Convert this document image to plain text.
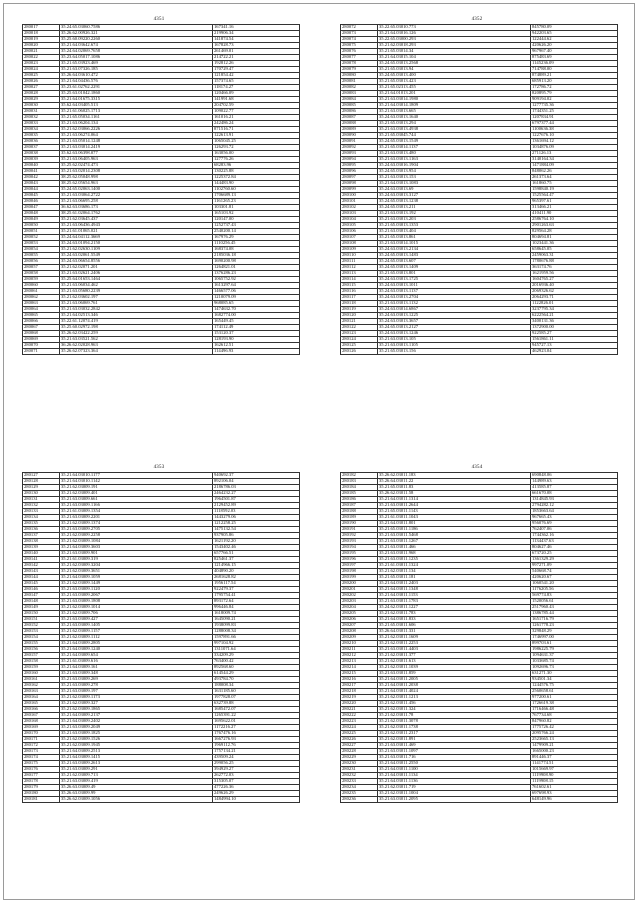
4351
280017	35.24.65.03060.7586	167341.16
280018	35.26.62.00926.321	219906.34
280019	35.25.60.09220.2260	141874.54
280020	35.21.64.03642.674	167828.73
280021	35.24.64.02069.7658	261469.01
280022	35.23.64.05017.1086	214722.21
280023	35.21.65.03923.469	192812.26
280024	35.21.63.07326.185	170729.47
280025	35.26.64.03610.472	121854.42
280026	35.21.64.04436.576	157374.65
280027	35.23.61.02762.2291	118174.27
280028	35.25.63.01042.1860	120466.09
280029	35.21.64.01675.3315	141991.68
280030	35.62.64.03405.513	204702.59
280031	35.21.61.06025.1713	109022.77
280032	35.21.65.05034.1161	161016.21
280033	35.21.63.06204.134	242486.24
280034	35.21.62.03066.2226	871516.71
280035	35.21.63.06274.064	122613.91
280036	35.21.63.05014.1248	1065045.25
280037	35.21.63.03014.2419	126293.72
280038	35.62.63.06398.077	163056.00
280039	35.21.63.06405.963	127776.26
280040	35.25.62.02474.473	68283.96
280041	35.21.63.02014.2308	130225.88
280042	38.25.62.05048.998	1225372.84
280043	38.25.62.05654.963	144483.90
280044	35.24.65.02063.1400	1102760.60
280045	35.21.63.03064.2722	1706689.13
280046	35.21.63.06695.258	1161265.23
280047	36.62.63.03686.173	103301.81
280048	38.25.61.02064.1762	165103.92
280049	35.21.62.03645.437	120147.00
280050	35.21.63.06436.4943	1252737.43
280051	35.21.61.01065.021	2540200.14
280052	35.24.64.04112.3669	167976.29
280053	35.24.63.01094.2150	1110256.45
280054	35.21.62.02630.1109	168374.08
280055	35.24.63.02061.5549	2185036.18
280056	35.24.63.06654.8556	1690200.98
280057	35.21.62.02071.201	1264821.01
280058	35.21.63.02621.2406	1376286.23
280059	35.25.64.01653.1464	1065752.92
280060	35.21.63.06034.462	1613297.64
280061	35.21.63.05680.2239	1466577.06
280062	35.21.62.03602.197	1210079.09
280063	35.21.63.06069.761	968085.65
280064	35.21.63.03032.2842	1474632.70
280065	35.21.64.02513.346	1682774.00
280066	35.22.61.12074.419	165449.45
280067	35.25.60.02972.198	174112.49
280068	35.26.62.03422.259	153120.37
280069	35.21.63.03521.562	128193.90
280070	36.26.62.02028.963	162612.51
280071	35.26.62.07323.364	114496.93
4352
280072	35.22.65.03010.773	845780.09
280073	35.21.64.03016.126	942203.65
280074	35.22.65.03000.293	122444.62
280075	35.21.62.03018.293	420626.20
280076	35.21.65.03014.34	967967.40
280077	35.21.64.03015.104	875483.69
280078	35.24.65.03013.2568	1145236.09
280079	35.21.65.03013.94	714788.00
280080	35.24.65.03013.400	874889.21
280081	35.21.65.03013.423	685913.20
280082	35.21.65.02313.455	172786.72
280083	35.21.64.01013.201	820895.79
280084	35.21.63.03014.1980	909194.02
280085	35.21.64.03014.1809	1277735.36
280086	35.21.63.03013.665	1744351.25
280087	35.24.63.03013.1640	1207834.91
280088	35.21.65.03013.294	6797377.44
280089	35.21.63.03013.4938	1100636.38
280090	35.21.65.03045.744	1227676.10
280091	35.24.65.03013.1549	1361694.12
280092	35.21.65.03014.1137	1034876.09
280093	35.21.63.03013.480	271126.13
280094	35.21.63.03013.1163	3140164.34
280095	35.24.63.03016.1904	1471884.09
280096	35.24.65.03013.954	848062.26
280097	35.21.63.03013.153	261373.64
280098	35.21.64.03013.1083	161860.75
280099	35.24.63.03013.69	1598840.19
280100	35.24.63.03013.3127	1525564.47
280101	35.24.65.03013.1238	965397.61
280102	35.24.65.03013.211	313466.21
280103	35.21.63.03013.192	410411.90
280104	35.21.63.03013.203	2586764.10
280105	35.21.65.03013.1353	2901263.63
280106	35.21.63.03013.404	829564.28
280107	35.21.65.03013.861	804694.81
280108	35.21.63.03014.1015	1023441.36
280109	35.24.63.03013.2134	658645.05
280110	35.24.65.03013.1483	2459063.31
280111	35.24.65.03013.607	1780676.88
280112	35.24.65.03013.1409	363174.76
280113	35.21.65.03013.801	1621959.56
280114	35.24.63.03013.1725	1604765.27
280115	35.24.63.03013.1011	2016936.40
280116	35.24.63.03013.1137	2069326.62
280117	35.24.63.03013.2704	2064293.71
280118	35.21.63.03013.1132	1122826.01
280119	35.24.63.03014.6867	3237795.34
280120	35.24.63.03013.1225	6222564.21
280121	35.24.63.03013.3657	3400131.36
280122	35.24.65.03013.2127	1372900.00
280123	35.24.63.03013.1246	922585.27
280124	35.21.63.03013.105	1561861.11
280125	35.21.63.03013.1105	945727.13
280126	35.21.65.03013.156	462923.04
4353
280127	35.21.64.03010.1177	940692.37
280128	35.21.64.03010.1142	892106.04
280129	35.21.62.03009.191	2186786.03
280130	35.21.62.03009.401	2464232.27
280131	35.21.63.03009.661	1964501.87
280132	35.21.63.03009.1166	2129452.89
280133	35.21.61.03009.1354	1118592.03
280134	35.21.63.03009.2201	1443279.06
280135	35.21.62.03009.1374	1212258.25
280136	35.21.63.03009.2705	1475132.54
280137	35.21.62.03009.2258	937905.86
280138	35.21.62.03009.1084	1621192.20
280139	35.21.64.03009.3603	1543402.46
280140	35.21.63.03009.901	657766.51
280141	35.21.61.03009.319	825461.37
280142	35.21.62.03009.3204	1214966.15
280143	35.21.62.03009.3651	404890.20
280144	35.21.64.03009.1059	2681628.82
280145	35.21.62.03009.1449	1956117.54
280146	35.21.63.03009.1120	922479.37
280147	35.21.63.03009.2067	1795754.41
280148	35.21.63.03009.1808	893172.64
280149	35.21.62.03009.1014	996446.84
280150	35.21.62.03009.706	1618009.74
280151	35.21.63.03009.427	1645090.21
280152	35.21.63.03009.1405	1938099.83
280153	35.21.62.03009.1157	1288008.34
280154	35.21.62.03009.1112	1597891.66
280155	35.21.64.03009.2805	997104.92
280156	35.21.64.03009.1240	1311071.64
280157	35.21.64.03009.654	334209.29
280158	35.21.61.03009.616	763400.42
280159	35.21.64.03009.161	892568.60
280160	35.21.63.03009.348	614544.29
280161	35.21.63.03009.269	493784.70
280162	35.21.63.03009.278	188008.34
280163	35.21.63.03009.197	1631185.60
280164	35.21.62.03009.1173	1977828.07
280165	35.21.62.03009.327	632739.88
280166	35.21.62.03009.1865	1685472.07
280167	35.21.64.03009.2137	1265391.22
280168	35.21.64.03009.2402	1695622.01
280169	35.21.63.03009.2049	1172216.27
280170	35.21.63.03009.1825	1767476.16
280171	35.21.62.03009.1526	1667276.93
280172	35.21.62.03009.1945	1969112.76
280173	35.21.64.03009.2513	1757134.21
280174	35.21.64.03009.1415	439509.24
280175	35.21.63.03009.2613	299056.25
280176	35.21.63.03009.291	394929.27
280177	35.21.62.03009.713	262772.03
280178	35.21.63.03009.419	315305.07
280179	35.26.63.03009.49	477226.36
280180	35.26.63.03009.99	249626.29
280181	35.26.62.03009.1056	1484994.10
4354
280182	35.26.62.03011.183	690848.06
280183	35.26.64.03011.22	144989.63
280184	35.21.65.03011.83	413585.87
280185	35.26.62.03011.58	661670.08
280186	35.21.64.03011.1314	1314845.93
280187	35.21.63.03011.2644	2794282.12
280188	35.21.65.03011.1143	1853663.64
280189	35.21.61.03011.1043	967665.43
280190	35.21.64.03011.801	956076.69
280191	35.21.65.03011.1186	762407.06
280192	35.21.63.03011.5468	1744362.16
280193	35.21.63.03011.1267	1134437.63
280194	35.21.63.03011.466	804627.46
280195	35.21.63.03011.968	673720.25
280196	35.21.63.03011.1235	1361329.29
280197	35.21.61.03011.1324	997271.09
280198	35.21.62.03011.134	540668.74
280199	35.21.65.03011.181	420620.67
280200	35.21.64.03011.2403	1060541.20
280201	35.21.64.03011.1348	1176205.56
280202	35.21.64.03011.1153	569774.83
280203	35.21.63.03011.1783	1520056.61
280204	35.24.62.03011.1227	2517960.43
280205	35.21.62.03011.783	1386785.44
280206	35.21.64.03011.833	1651716.79
280207	35.21.65.03011.606	1261778.23
280208	35.26.64.03011.331	329848.29
280209	35.21.62.03011.1609	1746997.00
280210	35.21.62.03011.2253	899703.61
280211	35.21.63.03011.4403	1986225.79
280212	35.21.62.03011.377	1094631.37
280213	35.21.62.03011.613	1033685.74
280214	35.21.62.03011.1039	1092696.73
280215	35.21.63.03011.859	631271.30
280216	35.21.64.03011.2005	934501.34
280217	35.21.64.03011.2038	1244576.75
280218	35.21.64.03011.4024	2560658.61
280219	35.21.62.03011.1213	977200.61
280220	35.21.62.03011.456	1726619.38
280221	35.21.62.03011.324	1716466.48
280222	35.21.62.03011.78	767734.68
280223	35.21.62.03011.3078	847960.82
280224	35.21.62.03011.1738	1775726.42
280225	35.21.62.03011.2317	2095766.24
280226	35.21.62.03011.891	2523665.13
280227	35.21.63.03011.469	1479909.21
280228	35.21.63.03011.1097	1665000.23
280229	35.21.63.03011.716	891446.37
280230	35.21.64.03011.2550	1141774.51
280231	35.21.64.03011.1100	1015669.97
280232	35.21.64.03011.1134	1119908.90
280233	35.21.64.03011.1136	1119908.15
280234	35.21.62.03011.719	761602.61
280235	35.21.62.03011.1004	697698.93
280236	35.21.63.03011.2095	648149.96
